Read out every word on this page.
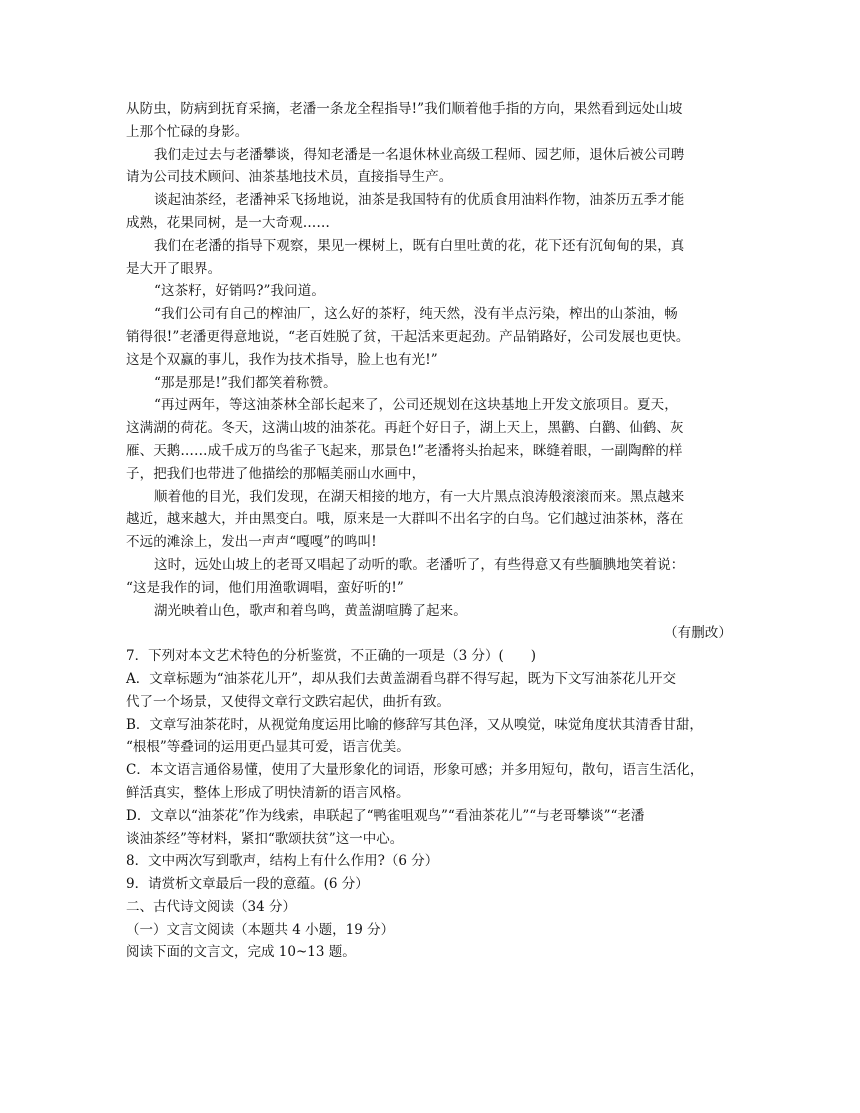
从防虫，防病到抚育采摘，老潘一条龙全程指导!”我们顺着他手指的方向，果然看到远处山坡
上那个忙碌的身影。
我们走过去与老潘攀谈，得知老潘是一名退休林业高级工程师、园艺师，退休后被公司聘
请为公司技术顾问、油茶基地技术员，直接指导生产。
谈起油茶经，老潘神采飞扬地说，油茶是我国特有的优质食用油料作物，油茶历五季才能
成熟，花果同树，是一大奇观……
我们在老潘的指导下观察，果见一棵树上，既有白里吐黄的花，花下还有沉甸甸的果，真
是大开了眼界。
“这茶籽，好销吗?”我问道。
“我们公司有自己的榨油厂，这么好的茶籽，纯天然，没有半点污染，榨出的山茶油，畅
销得很!”老潘更得意地说，“老百姓脱了贫，干起活来更起劲。产品销路好，公司发展也更快。
这是个双赢的事儿，我作为技术指导，脸上也有光!”
“那是那是!”我们都笑着称赞。
“再过两年，等这油茶林全部长起来了，公司还规划在这块基地上开发文旅项目。夏天，
这满湖的荷花。冬天，这满山坡的油茶花。再赶个好日子，湖上天上，黑鹳、白鹳、仙鹤、灰
雁、天鹅……成千成万的鸟雀子飞起来，那景色!”老潘将头抬起来，眯缝着眼，一副陶醉的样
子，把我们也带进了他描绘的那幅美丽山水画中，
顺着他的目光，我们发现，在湖天相接的地方，有一大片黑点浪涛般滚滚而来。黑点越来
越近，越来越大，并由黑变白。哦，原来是一大群叫不出名字的白鸟。它们越过油茶林，落在
不远的滩涂上，发出一声声“嘎嘎”的鸣叫!
这时，远处山坡上的老哥又唱起了动听的歌。老潘听了，有些得意又有些腼腆地笑着说：
“这是我作的词，他们用渔歌调唱，蛮好听的!”
湖光映着山色，歌声和着鸟鸣，黄盖湖喧腾了起来。
（有删改）
7．下列对本文艺术特色的分析鉴赏，不正确的一项是（3 分）(　　)
A．文章标题为“油茶花儿开”，却从我们去黄盖湖看鸟群不得写起，既为下文写油茶花儿开交
代了一个场景，又使得文章行文跌宕起伏，曲折有致。
B．文章写油茶花时，从视觉角度运用比喻的修辞写其色泽，又从嗅觉，味觉角度状其清香甘甜，
“根根”等叠词的运用更凸显其可爱，语言优美。
C．本文语言通俗易懂，使用了大量形象化的词语，形象可感；并多用短句，散句，语言生活化，
鲜活真实，整体上形成了明快清新的语言风格。
D．文章以“油茶花”作为线索，串联起了“鸭雀咀观鸟”“看油茶花儿”“与老哥攀谈”“老潘
谈油茶经”等材料，紧扣“歌颂扶贫”这一中心。
8．文中两次写到歌声，结构上有什么作用?（6 分）
9．请赏析文章最后一段的意蕴。(6 分）
二、古代诗文阅读（34 分）
（一）文言文阅读（本题共 4 小题，19 分）
阅读下面的文言文，完成 10~13 题。
